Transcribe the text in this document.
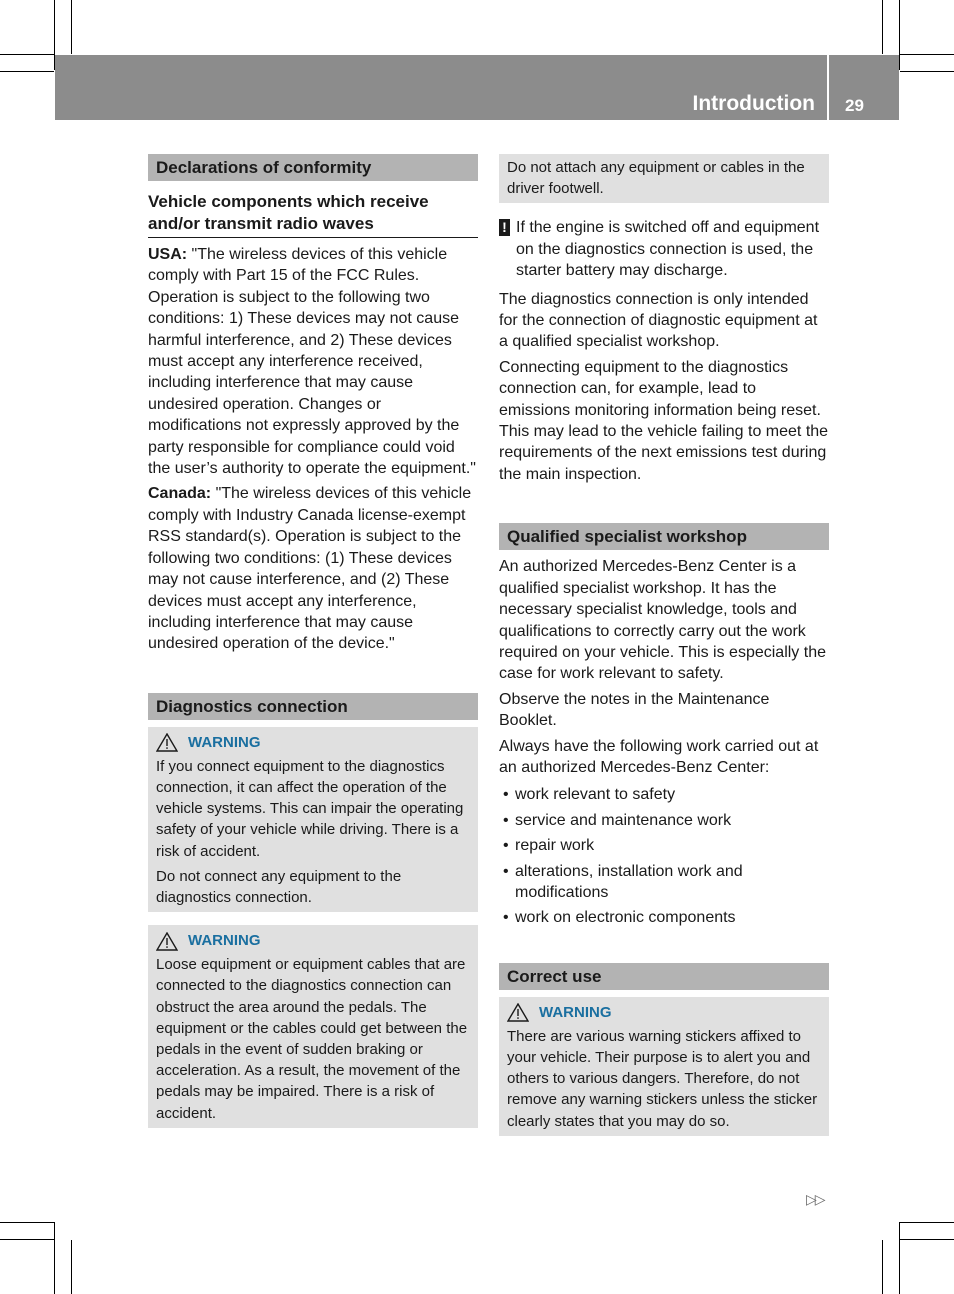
Introduction 29
Declarations of conformity
Vehicle components which receive and/or transmit radio waves

USA: "The wireless devices of this vehicle comply with Part 15 of the FCC Rules. Operation is subject to the following two conditions: 1) These devices may not cause harmful interference, and 2) These devices must accept any interference received, including interference that may cause undesired operation. Changes or modifications not expressly approved by the party responsible for compliance could void the user’s authority to operate the equipment."

Canada: "The wireless devices of this vehicle comply with Industry Canada license-exempt RSS standard(s). Operation is subject to the following two conditions: (1) These devices may not cause interference, and (2) These devices must accept any interference, including interference that may cause undesired operation of the device."

Diagnostics connection
WARNING

If you connect equipment to the diagnostics connection, it can affect the operation of the vehicle systems. This can impair the operating safety of your vehicle while driving. There is a risk of accident.

Do not connect any equipment to the diagnostics connection.

WARNING

Loose equipment or equipment cables that are connected to the diagnostics connection can obstruct the area around the pedals. The equipment or the cables could get between the pedals in the event of sudden braking or acceleration. As a result, the movement of the pedals may be impaired. There is a risk of accident.

Do not attach any equipment or cables in the driver footwell.

! If the engine is switched off and equipment on the diagnostics connection is used, the starter battery may discharge.

The diagnostics connection is only intended for the connection of diagnostic equipment at a qualified specialist workshop.

Connecting equipment to the diagnostics connection can, for example, lead to emissions monitoring information being reset. This may lead to the vehicle failing to meet the requirements of the next emissions test during the main inspection.

Qualified specialist workshop

An authorized Mercedes-Benz Center is a qualified specialist workshop. It has the necessary specialist knowledge, tools and qualifications to correctly carry out the work required on your vehicle. This is especially the case for work relevant to safety.

Observe the notes in the Maintenance Booklet.

Always have the following work carried out at an authorized Mercedes-Benz Center:

• work relevant to safety
• service and maintenance work
• repair work
• alterations, installation work and modifications
• work on electronic components
Correct use
WARNING

There are various warning stickers affixed to your vehicle. Their purpose is to alert you and others to various dangers. Therefore, do not remove any warning stickers unless the sticker clearly states that you may do so.

▷▷
